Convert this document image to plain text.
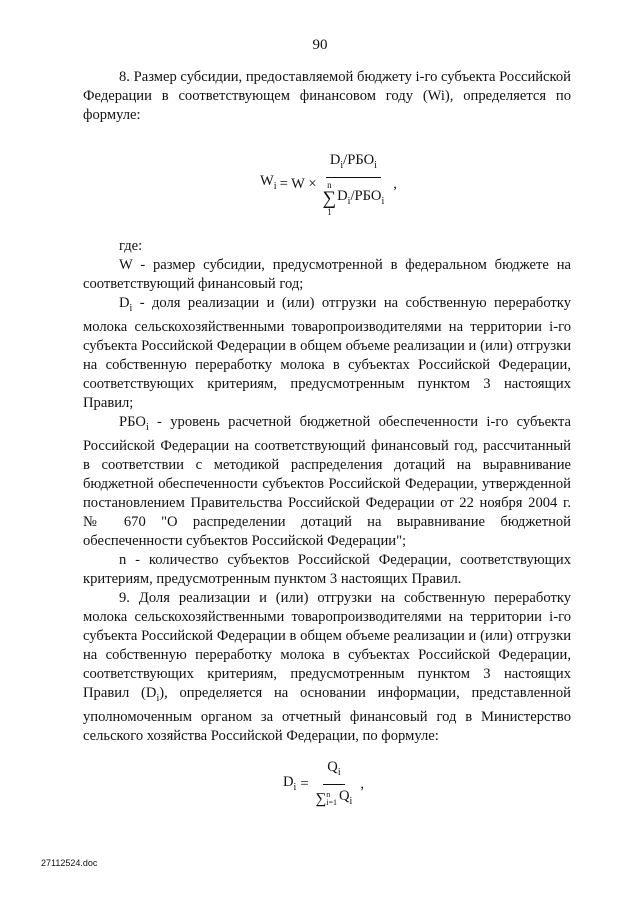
90

8. Размер субсидии, предоставляемой бюджету i-го субъекта Российской Федерации в соответствующем финансовом году (Wi), определяется по формуле:

$W_i = W \times D_i/РБО_i$
n
∑
1
$D_i/РБО_i$ ,

где:

W - размер субсидии, предусмотренной в федеральном бюджете на соответствующий финансовый год;

$D_i$ - доля реализации и (или) отгрузки на собственную переработку молока сельскохозяйственными товаропроизводителями на территории i-го субъекта Российской Федерации в общем объеме реализации и (или) отгрузки на собственную переработку молока в субъектах Российской Федерации, соответствующих критериям, предусмотренным пунктом 3 настоящих Правил;

$РБО_i$ - уровень расчетной бюджетной обеспеченности i-го субъекта Российской Федерации на соответствующий финансовый год, рассчитанный в соответствии с методикой распределения дотаций на выравнивание бюджетной обеспеченности субъектов Российской Федерации, утвержденной постановлением Правительства Российской Федерации от 22 ноября 2004 г. № 670 "О распределении дотаций на выравнивание бюджетной обеспеченности субъектов Российской Федерации";

n - количество субъектов Российской Федерации, соответствующих критериям, предусмотренным пунктом 3 настоящих Правил.

9. Доля реализации и (или) отгрузки на собственную переработку молока сельскохозяйственными товаропроизводителями на территории i-го субъекта Российской Федерации в общем объеме реализации и (или) отгрузки на собственную переработку молока в субъектах Российской Федерации, соответствующих критериям, предусмотренным пунктом 3 настоящих Правил $(D_i)$, определяется на основании информации, представленной уполномоченным органом за отчетный финансовый год в Министерство сельского хозяйства Российской Федерации, по формуле:

$D_i = Q_i$
∑ n
i=1 $Q_i$ ,
27112524.doc
